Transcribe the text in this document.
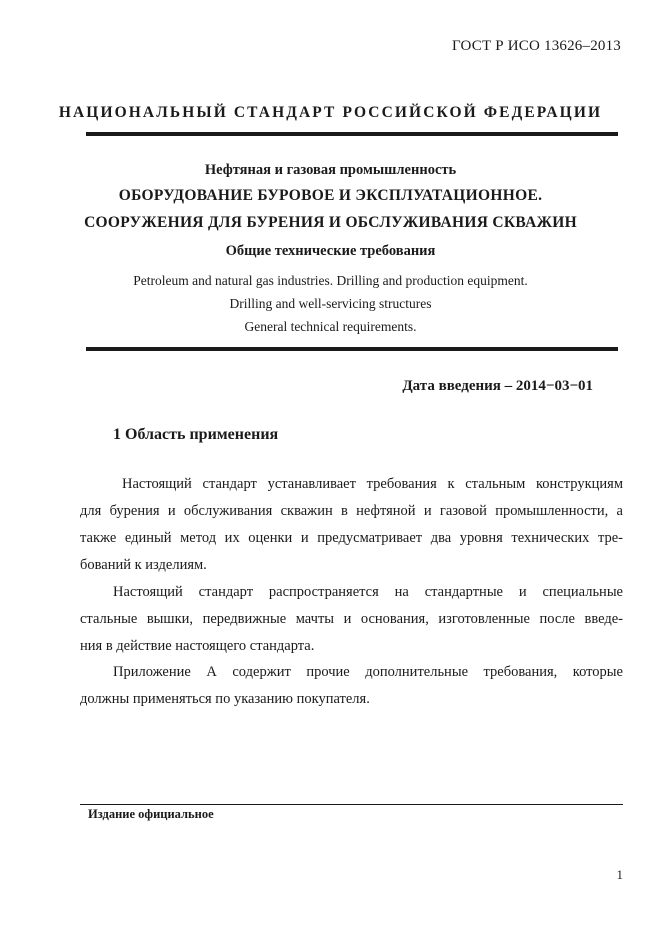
ГОСТ Р ИСО 13626–2013
НАЦИОНАЛЬНЫЙ СТАНДАРТ РОССИЙСКОЙ ФЕДЕРАЦИИ
Нефтяная и газовая промышленность
ОБОРУДОВАНИЕ БУРОВОЕ И ЭКСПЛУАТАЦИОННОЕ.
СООРУЖЕНИЯ ДЛЯ БУРЕНИЯ И ОБСЛУЖИВАНИЯ СКВАЖИН
Общие технические требования
Petroleum and natural gas industries. Drilling and production equipment.
Drilling and well-servicing structures
General technical requirements.
Дата введения – 2014−03−01
1 Область применения
Настоящий стандарт устанавливает требования к стальным конструкциям
для бурения и обслуживания скважин в нефтяной и газовой промышленности, а
также единый метод их оценки и предусматривает два уровня технических тре-
бований к изделиям.
Настоящий стандарт распространяется на стандартные и специальные
стальные вышки, передвижные мачты и основания, изготовленные после введе-
ния в действие настоящего стандарта.
Приложение А содержит прочие дополнительные требования, которые
должны применяться по указанию покупателя.
Издание официальное
1
